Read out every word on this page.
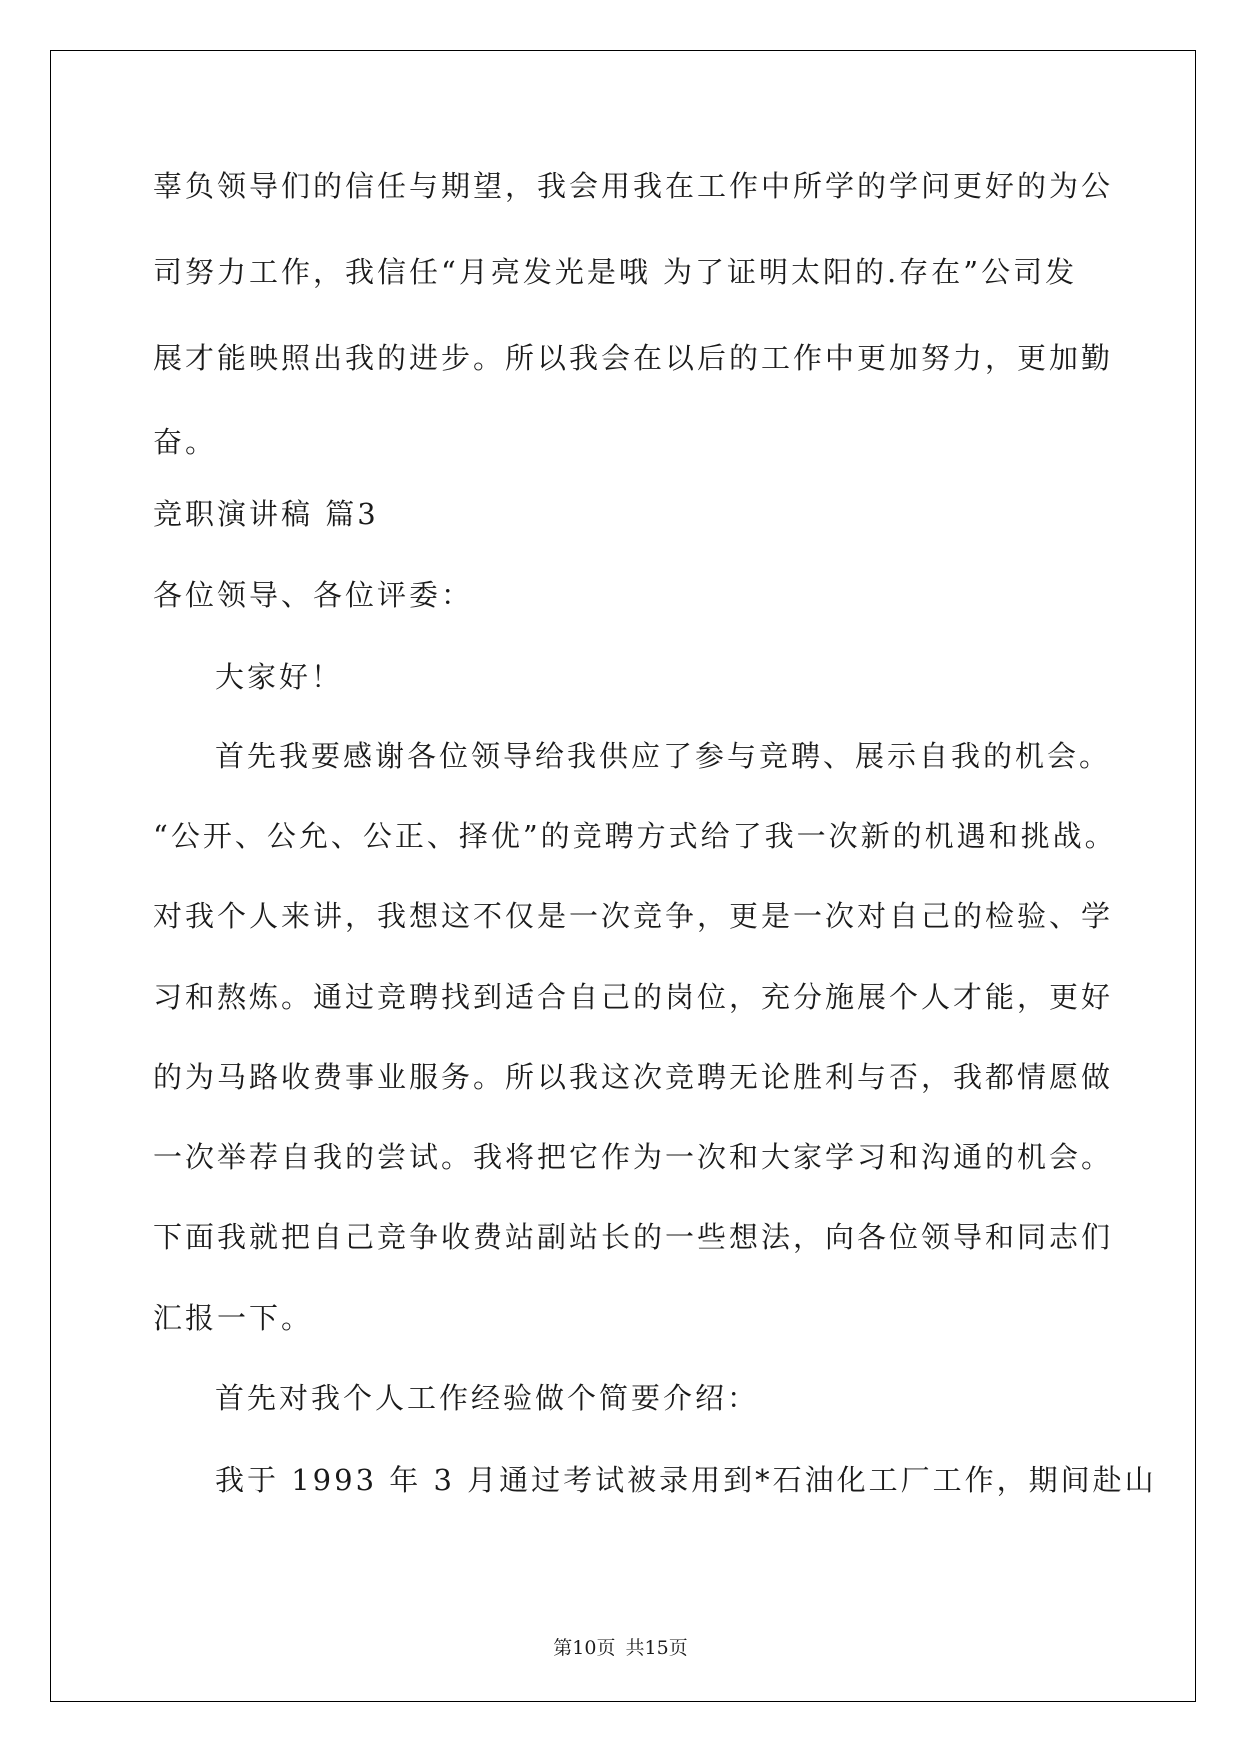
辜负领导们的信任与期望，我会用我在工作中所学的学问更好的为公
司努力工作，我信任“月亮发光是哦 为了证明太阳的.存在”公司发
展才能映照出我的进步。所以我会在以后的工作中更加努力，更加勤
奋。
竞职演讲稿 篇3
各位领导、各位评委：
大家好！
首先我要感谢各位领导给我供应了参与竞聘、展示自我的机会。
“公开、公允、公正、择优”的竞聘方式给了我一次新的机遇和挑战。
对我个人来讲，我想这不仅是一次竞争，更是一次对自己的检验、学
习和熬炼。通过竞聘找到适合自己的岗位，充分施展个人才能，更好
的为马路收费事业服务。所以我这次竞聘无论胜利与否，我都情愿做
一次举荐自我的尝试。我将把它作为一次和大家学习和沟通的机会。
下面我就把自己竞争收费站副站长的一些想法，向各位领导和同志们
汇报一下。
首先对我个人工作经验做个简要介绍：
我于 1993 年 3 月通过考试被录用到*石油化工厂工作，期间赴山
第10页 共15页
